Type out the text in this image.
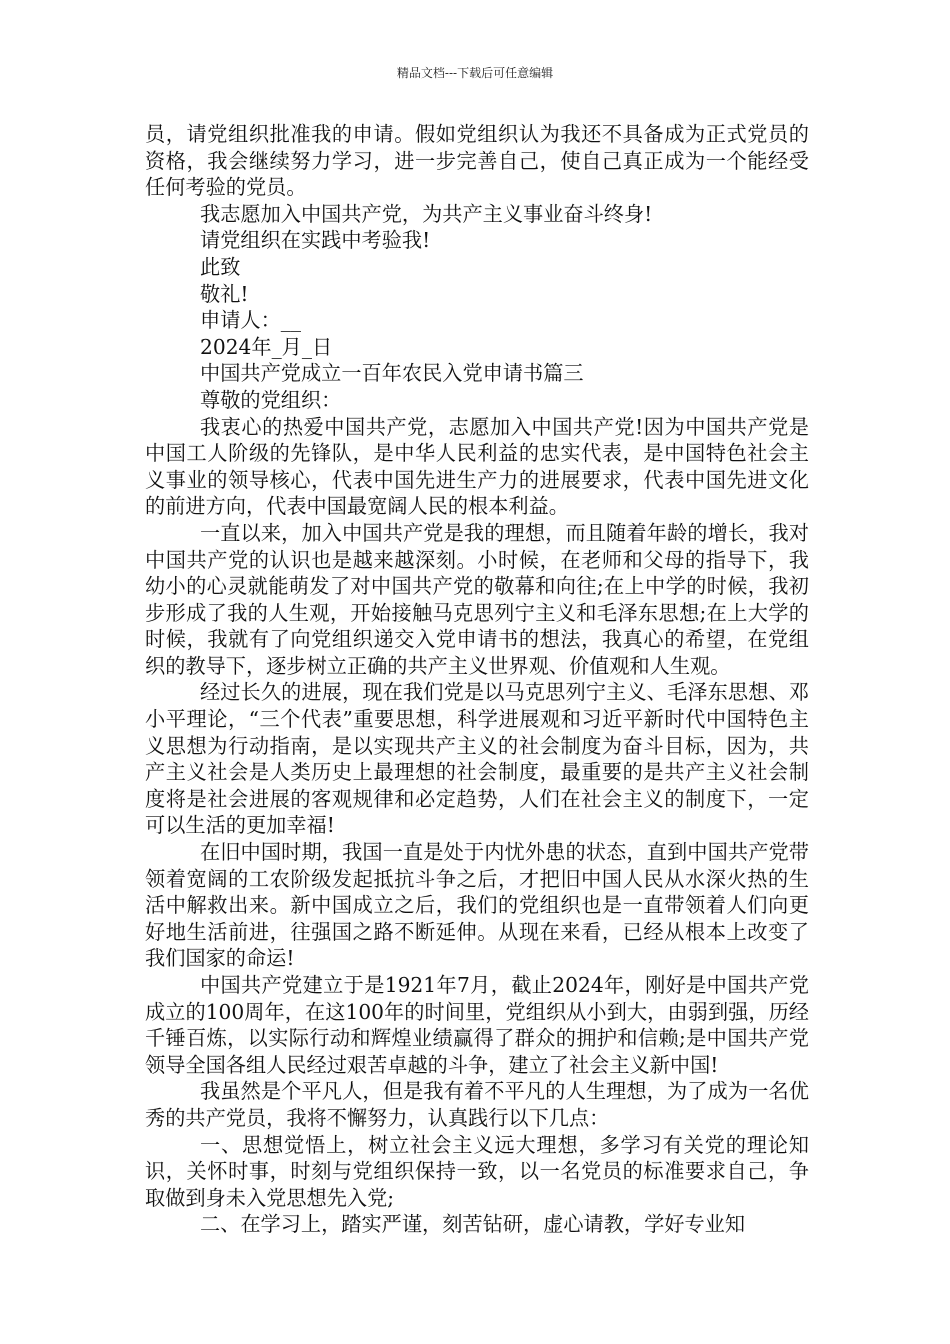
精品文档---下载后可任意编辑

员，请党组织批准我的申请。假如党组织认为我还不具备成为正式党员的资格，我会继续努力学习，进一步完善自己，使自己真正成为一个能经受任何考验的党员。

我志愿加入中国共产党，为共产主义事业奋斗终身!

请党组织在实践中考验我!

此致

敬礼!

申请人：__

2024年_月_日

中国共产党成立一百年农民入党申请书篇三

尊敬的党组织：

我衷心的热爱中国共产党，志愿加入中国共产党!因为中国共产党是中国工人阶级的先锋队，是中华人民利益的忠实代表，是中国特色社会主义事业的领导核心，代表中国先进生产力的进展要求，代表中国先进文化的前进方向，代表中国最宽阔人民的根本利益。

一直以来，加入中国共产党是我的理想，而且随着年龄的增长，我对中国共产党的认识也是越来越深刻。小时候，在老师和父母的指导下，我幼小的心灵就能萌发了对中国共产党的敬幕和向往;在上中学的时候，我初步形成了我的人生观，开始接触马克思列宁主义和毛泽东思想;在上大学的时候，我就有了向党组织递交入党申请书的想法，我真心的希望，在党组织的教导下，逐步树立正确的共产主义世界观、价值观和人生观。

经过长久的进展，现在我们党是以马克思列宁主义、毛泽东思想、邓小平理论，“三个代表”重要思想，科学进展观和习近平新时代中国特色主义思想为行动指南，是以实现共产主义的社会制度为奋斗目标，因为，共产主义社会是人类历史上最理想的社会制度，最重要的是共产主义社会制度将是社会进展的客观规律和必定趋势，人们在社会主义的制度下，一定可以生活的更加幸福!

在旧中国时期，我国一直是处于内忧外患的状态，直到中国共产党带领着宽阔的工农阶级发起抵抗斗争之后，才把旧中国人民从水深火热的生活中解救出来。新中国成立之后，我们的党组织也是一直带领着人们向更好地生活前进，往强国之路不断延伸。从现在来看，已经从根本上改变了我们国家的命运!

中国共产党建立于是1921年7月，截止2024年，刚好是中国共产党成立的100周年，在这100年的时间里，党组织从小到大，由弱到强，历经千锤百炼，以实际行动和辉煌业绩赢得了群众的拥护和信赖;是中国共产党领导全国各组人民经过艰苦卓越的斗争，建立了社会主义新中国!

我虽然是个平凡人，但是我有着不平凡的人生理想，为了成为一名优秀的共产党员，我将不懈努力，认真践行以下几点：

一、思想觉悟上，树立社会主义远大理想，多学习有关党的理论知识，关怀时事，时刻与党组织保持一致，以一名党员的标准要求自己，争取做到身未入党思想先入党;

二、在学习上，踏实严谨，刻苦钻研，虚心请教，学好专业知
